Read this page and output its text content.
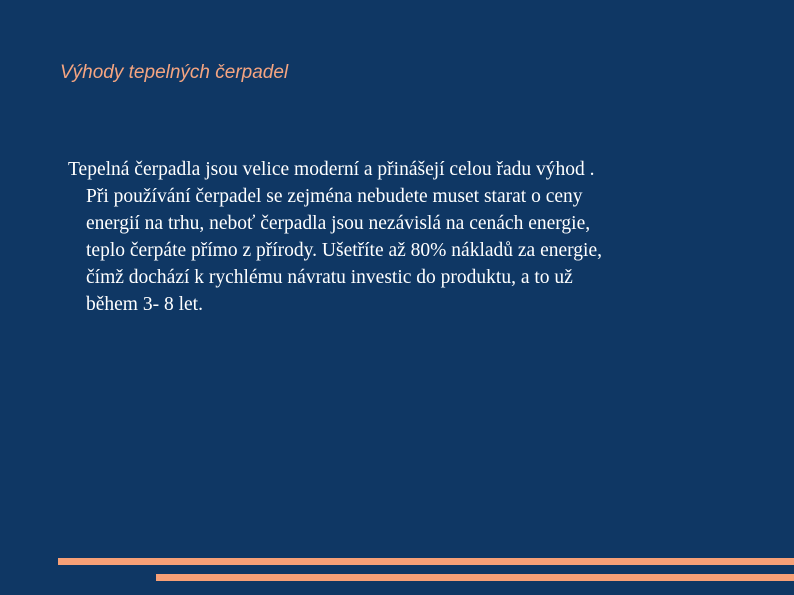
Výhody tepelných čerpadel

Tepelná čerpadla jsou velice moderní a přinášejí celou řadu výhod .
Při používání čerpadel se zejména nebudete muset starat o ceny
energií na trhu, neboť čerpadla jsou nezávislá na cenách energie,
teplo čerpáte přímo z přírody. Ušetříte až 80% nákladů za energie,
čímž dochází k rychlému návratu investic do produktu, a to už
během 3- 8 let.
